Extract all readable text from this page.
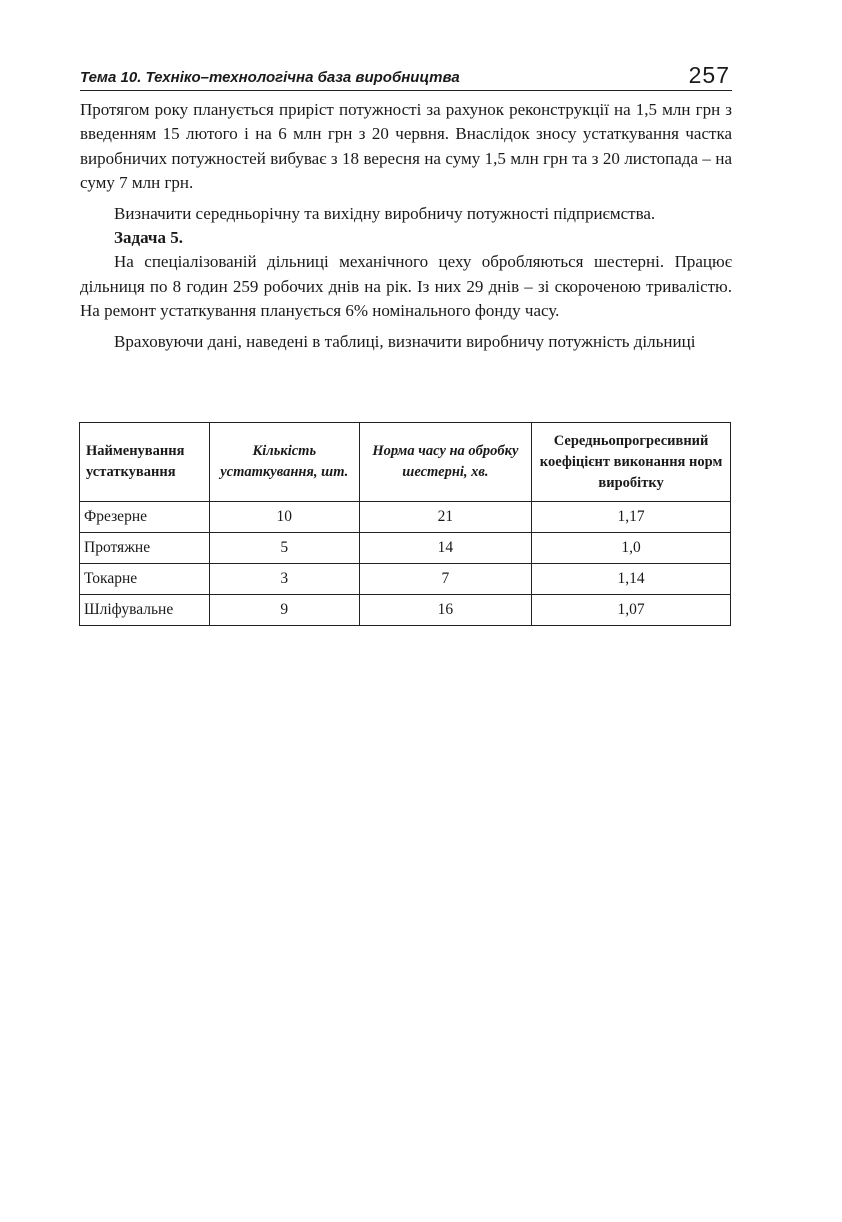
Тема 10. Техніко–технологічна база виробництва	257

Протягом року планується приріст потужності за рахунок реконструкції на 1,5 млн грн з введенням 15 лютого і на 6 млн грн з 20 червня. Внаслідок зносу устаткування частка виробничих потужностей вибуває з 18 вересня на суму 1,5 млн грн та з 20 листопада – на суму 7 млн грн.

Визначити середньорічну та вихідну виробничу потужності підприємства.

Задача 5.

На спеціалізованій дільниці механічного цеху обробляються шестерні. Працює дільниця по 8 годин 259 робочих днів на рік. Із них 29 днів – зі скороченою тривалістю. На ремонт устаткування планується 6% номінального фонду часу.

Враховуючи дані, наведені в таблиці, визначити виробничу потужність дільниці

Найменування устаткування	Кількість устаткування, шт.	Норма часу на обробку шестерні, хв.	Середньопрогресивний коефіцієнт виконання норм виробітку
Фрезерне	10	21	1,17
Протяжне	5	14	1,0
Токарне	3	7	1,14
Шліфувальне	9	16	1,07
